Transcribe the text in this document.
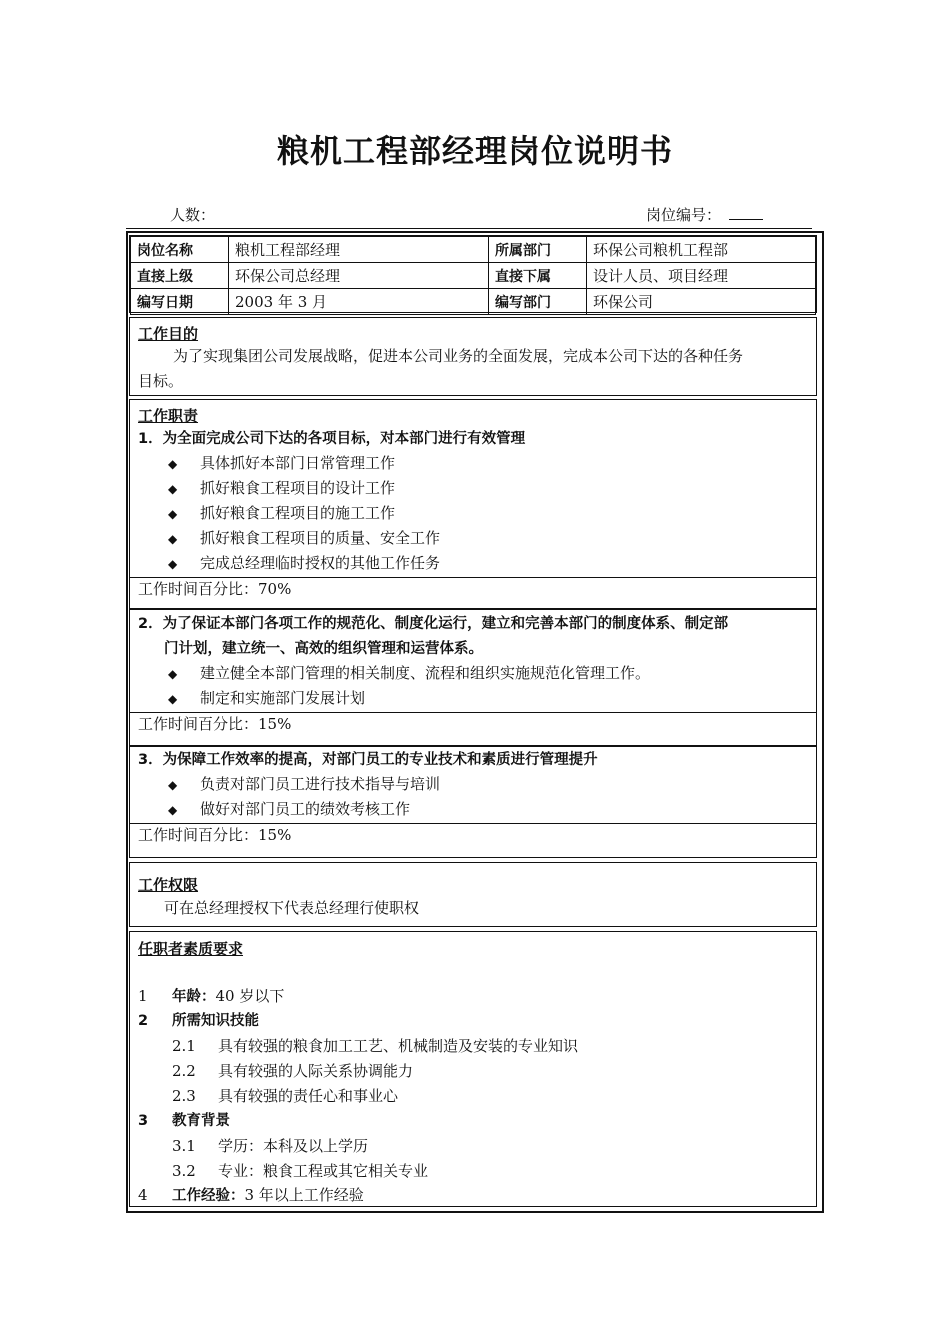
粮机工程部经理岗位说明书
人数：	岗位编号：
岗位名称	粮机工程部经理	所属部门	环保公司粮机工程部
直接上级	环保公司总经理	直接下属	设计人员、项目经理
编写日期	2003 年 3 月	编写部门	环保公司
工作目的
为了实现集团公司发展战略，促进本公司业务的全面发展，完成本公司下达的各种任务
目标。
工作职责
1．为全面完成公司下达的各项目标，对本部门进行有效管理
◆ 具体抓好本部门日常管理工作
◆ 抓好粮食工程项目的设计工作
◆ 抓好粮食工程项目的施工工作
◆ 抓好粮食工程项目的质量、安全工作
◆ 完成总经理临时授权的其他工作任务
工作时间百分比：70%
2．为了保证本部门各项工作的规范化、制度化运行，建立和完善本部门的制度体系、制定部
门计划，建立统一、高效的组织管理和运营体系。
◆ 建立健全本部门管理的相关制度、流程和组织实施规范化管理工作。
◆ 制定和实施部门发展计划
工作时间百分比：15%
3．为保障工作效率的提高，对部门员工的专业技术和素质进行管理提升
◆ 负责对部门员工进行技术指导与培训
◆ 做好对部门员工的绩效考核工作
工作时间百分比：15%
工作权限
可在总经理授权下代表总经理行使职权
任职者素质要求
1 年龄：40 岁以下
2 所需知识技能
2.1 具有较强的粮食加工工艺、机械制造及安装的专业知识
2.2 具有较强的人际关系协调能力
2.3 具有较强的责任心和事业心
3 教育背景
3.1 学历：本科及以上学历
3.2 专业：粮食工程或其它相关专业
4 工作经验：3 年以上工作经验
